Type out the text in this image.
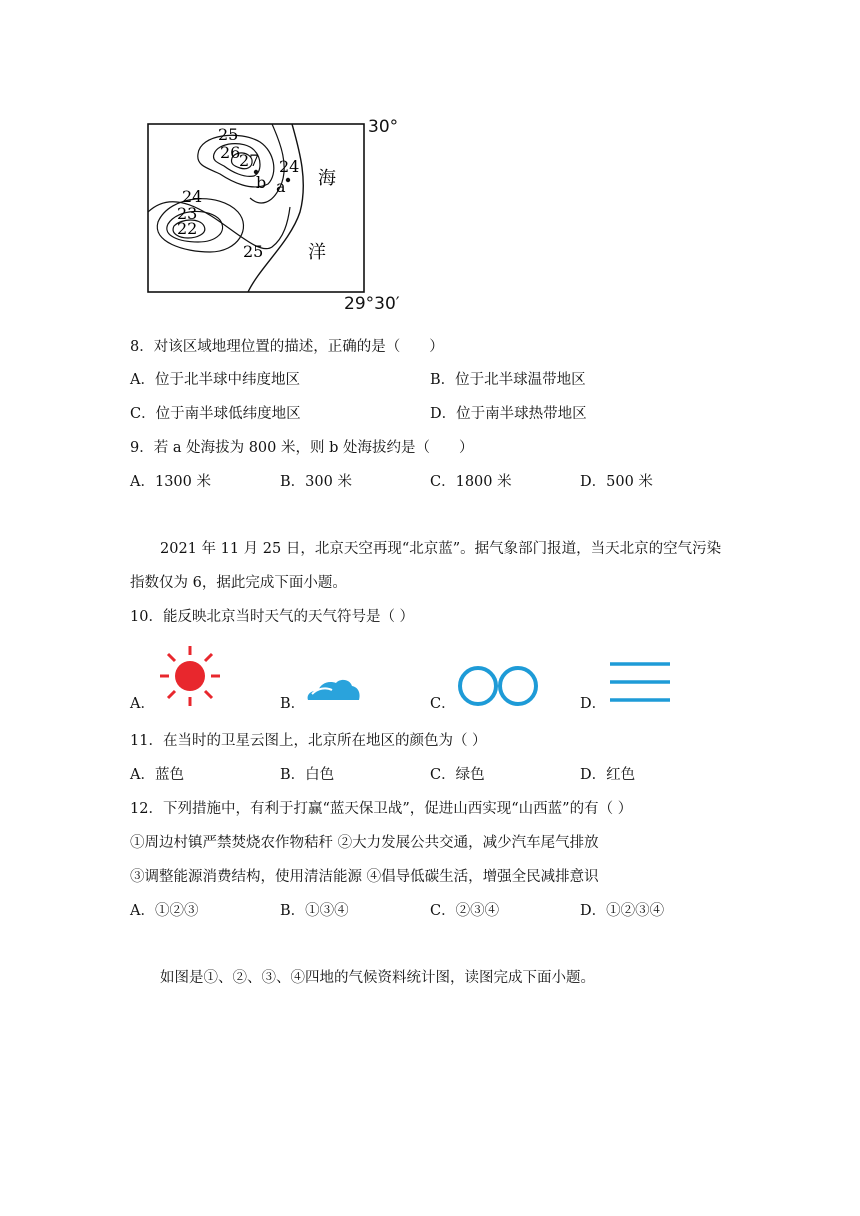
25
26
27 24
24
23
22
25
a
b	海
洋
30°
29°30′
8．对该区域地理位置的描述，正确的是（　　）
A．位于北半球中纬度地区	B．位于北半球温带地区
C．位于南半球低纬度地区	D．位于南半球热带地区
9．若 a 处海拔为 800 米，则 b 处海拔约是（　　）
A．1300 米	B．300 米	C．1800 米	D．500 米
2021 年 11 月 25 日，北京天空再现“北京蓝”。据气象部门报道，当天北京的空气污染
指数仅为 6，据此完成下面小题。
10．能反映北京当时天气的天气符号是（ ）
A．	B．	C．	D．
11．在当时的卫星云图上，北京所在地区的颜色为（ ）
A．蓝色	B．白色	C．绿色	D．红色
12．下列措施中，有利于打赢“蓝天保卫战”，促进山西实现“山西蓝”的有（ ）
①周边村镇严禁焚烧农作物秸秆 ②大力发展公共交通，减少汽车尾气排放
③调整能源消费结构，使用清洁能源 ④倡导低碳生活，增强全民减排意识
A．①②③	B．①③④	C．②③④	D．①②③④
如图是①、②、③、④四地的气候资料统计图，读图完成下面小题。
